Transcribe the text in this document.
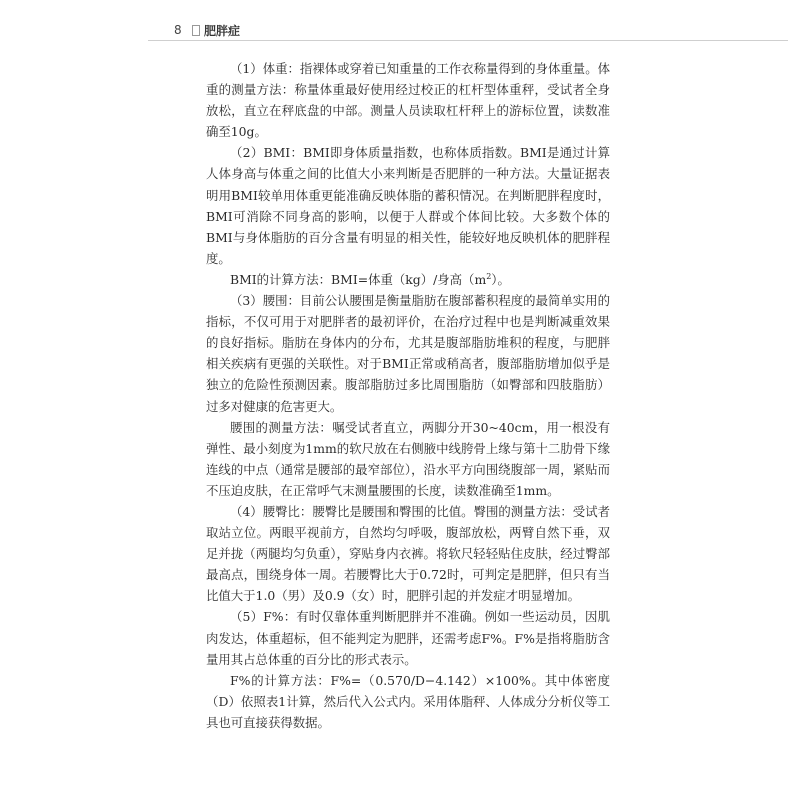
8 肥胖症

（1）体重：指裸体或穿着已知重量的工作衣称量得到的身体重量。体重的测量方法：称量体重最好使用经过校正的杠杆型体重秤，受试者全身放松，直立在秤底盘的中部。测量人员读取杠杆秤上的游标位置，读数准确至10g。

（2）BMI：BMI即身体质量指数，也称体质指数。BMI是通过计算人体身高与体重之间的比值大小来判断是否肥胖的一种方法。大量证据表明用BMI较单用体重更能准确反映体脂的蓄积情况。在判断肥胖程度时，BMI可消除不同身高的影响，以便于人群或个体间比较。大多数个体的BMI与身体脂肪的百分含量有明显的相关性，能较好地反映机体的肥胖程度。

BMI的计算方法：BMI=体重（kg）/身高$(m^2)$。

（3）腰围：目前公认腰围是衡量脂肪在腹部蓄积程度的最简单实用的指标，不仅可用于对肥胖者的最初评价，在治疗过程中也是判断减重效果的良好指标。脂肪在身体内的分布，尤其是腹部脂肪堆积的程度，与肥胖相关疾病有更强的关联性。对于BMI正常或稍高者，腹部脂肪增加似乎是独立的危险性预测因素。腹部脂肪过多比周围脂肪（如臀部和四肢脂肪）过多对健康的危害更大。

腰围的测量方法：嘱受试者直立，两脚分开30~40cm，用一根没有弹性、最小刻度为1mm的软尺放在右侧腋中线胯骨上缘与第十二肋骨下缘连线的中点（通常是腰部的最窄部位），沿水平方向围绕腹部一周，紧贴而不压迫皮肤，在正常呼气末测量腰围的长度，读数准确至1mm。

（4）腰臀比：腰臀比是腰围和臀围的比值。臀围的测量方法：受试者取站立位。两眼平视前方，自然均匀呼吸，腹部放松，两臂自然下垂，双足并拢（两腿均匀负重），穿贴身内衣裤。将软尺轻轻贴住皮肤，经过臀部最高点，围绕身体一周。若腰臀比大于0.72时，可判定是肥胖，但只有当比值大于1.0（男）及0.9（女）时，肥胖引起的并发症才明显增加。

（5）F%：有时仅靠体重判断肥胖并不准确。例如一些运动员，因肌肉发达，体重超标，但不能判定为肥胖，还需考虑F%。F%是指将脂肪含量用其占总体重的百分比的形式表示。

F%的计算方法：F%=（0.570/D−4.142）×100%。其中体密度（D）依照表1计算，然后代入公式内。采用体脂秤、人体成分分析仪等工具也可直接获得数据。
